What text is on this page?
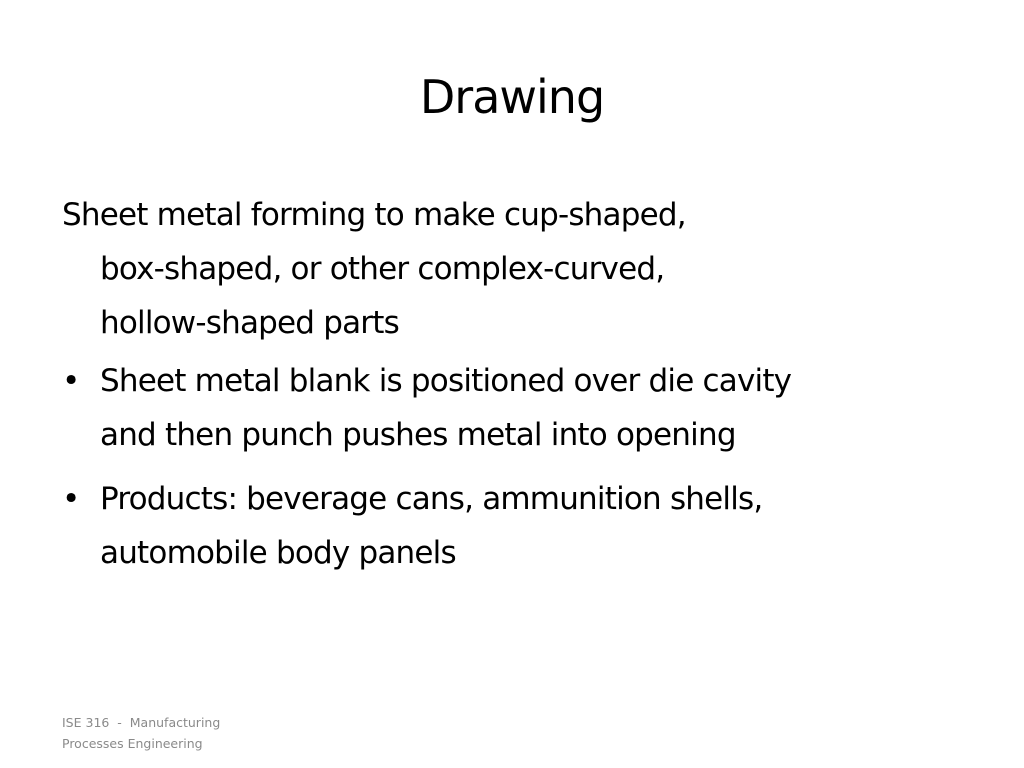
Drawing

Sheet metal forming to make cup-shaped,
box-shaped, or other complex-curved,
hollow-shaped parts

• Sheet metal blank is positioned over die cavity
and then punch pushes metal into opening
• Products: beverage cans, ammunition shells,
automobile body panels
ISE 316  -  Manufacturing
Processes Engineering
